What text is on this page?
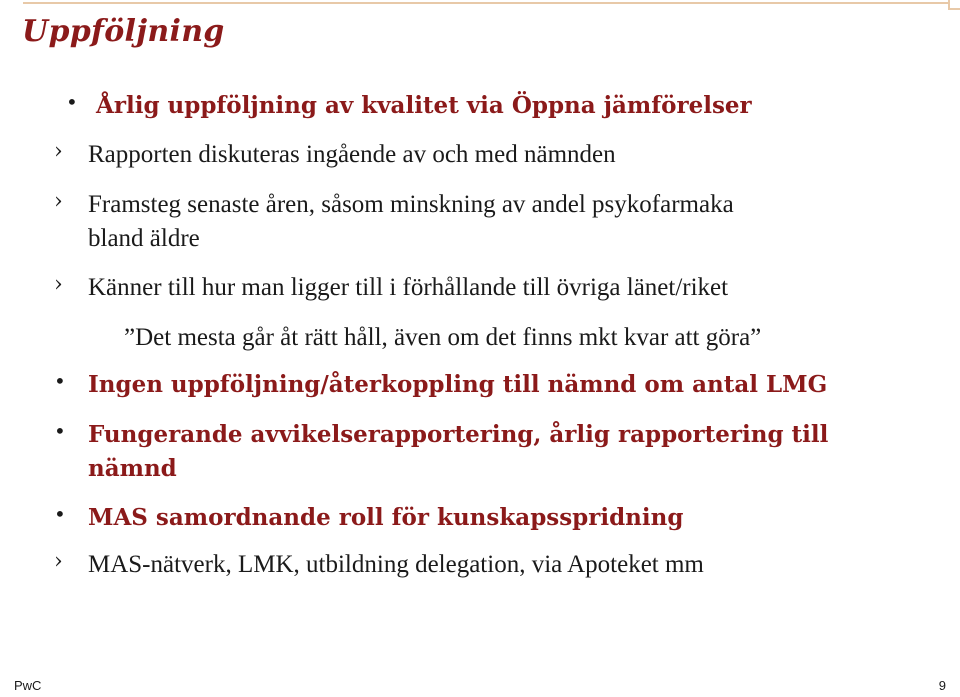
Uppföljning
• Årlig uppföljning av kvalitet via Öppna jämförelser
› Rapporten diskuteras ingående av och med nämnden
› Framsteg senaste åren, såsom minskning av andel psykofarmaka
bland äldre
› Känner till hur man ligger till i förhållande till övriga länet/riket
”Det mesta går åt rätt håll, även om det finns mkt kvar att göra”
• Ingen uppföljning/återkoppling till nämnd om antal LMG
• Fungerande avvikelserapportering, årlig rapportering till
nämnd
• MAS samordnande roll för kunskapsspridning
› MAS-nätverk, LMK, utbildning delegation, via Apoteket mm
PwC	9
